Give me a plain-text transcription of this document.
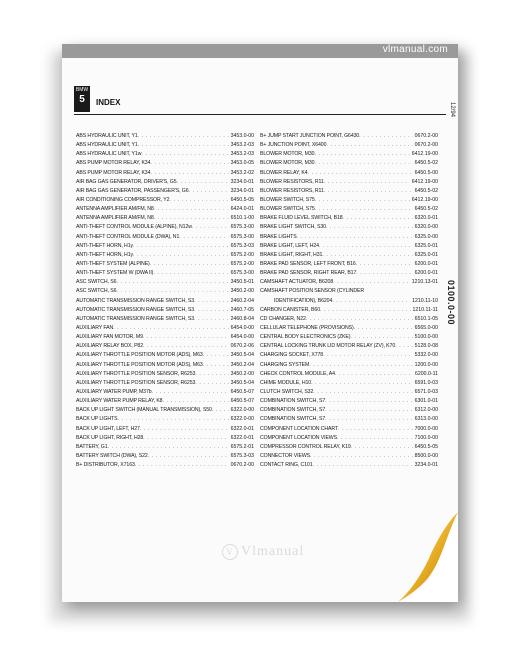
BMW
5	INDEX	12/94
0100.0-00
ABS HYDRAULIC UNIT, Y1 . . .	3453.0-00
ABS HYDRAULIC UNIT, Y1 . . .	3453.2-03
ABS HYDRAULIC UNIT, Y1w . . .	3453.2-03
ABS PUMP MOTOR RELAY, K34 . . .	3453.0-05
ABS PUMP MOTOR RELAY, K34 . . .	3453.2-02
AIR BAG GAS GENERATOR, DRIVER'S, G5 . . .	3234.0-01
AIR BAG GAS GENERATOR, PASSENGER'S, G6 . . .	3234.0-01
AIR CONDITIONING COMPRESSOR, Y2 . . .	6450.5-05
ANTENNA AMPLIFIER AM/FM, N8 . . .	6424.0-01
ANTENNA AMPLIFIER AM/FM, N8 . . .	6510.1-00
ANTI-THEFT CONTROL MODULE (ALPINE), N12w . . .	6575.3-00
ANTI-THEFT CONTROL MODULE (DWA), N1 . . .	6575.3-00
ANTI-THEFT HORN, H1y . . .	6575.3-03
ANTI-THEFT HORN, H1y . . .	6575.2-00
ANTI-THEFT SYSTEM (ALPINE) . . .	6575.2-00
ANTI-THEFT SYSTEM W (DWA II) . . .	6575.3-00
ASC SWITCH, S6 . . .	3450.5-01
ASC SWITCH, S6 . . .	3450.2-00
AUTOMATIC TRANSMISSION RANGE SWITCH, S3 . . .	2460.2-04
AUTOMATIC TRANSMISSION RANGE SWITCH, S3 . . .	2460.7-05
AUTOMATIC TRANSMISSION RANGE SWITCH, S3 . . .	2460.8-04
AUXILIARY FAN . . .	6454.0-00
AUXILIARY FAN MOTOR, M9 . . .	6454.0-00
AUXILIARY RELAY BOX, P82 . . .	0670.2-06
AUXILIARY THROTTLE POSITION MOTOR (ADS), M63 . . .	3450.5-04
AUXILIARY THROTTLE POSITION MOTOR (ADS), M63 . . .	3450.2-04
AUXILIARY THROTTLE POSITION SENSOR, R6253 . . .	3450.2-00
AUXILIARY THROTTLE POSITION SENSOR, R6253 . . .	3450.5-04
AUXILIARY WATER PUMP, M37b . . .	6450.5-07
AUXILIARY WATER PUMP RELAY, K8 . . .	6450.5-07
BACK UP LIGHT SWITCH (MANUAL TRANSMISSION), S50 . . .	6322.0-00
BACK UP LIGHTS . . .	6322.0-00
BACK UP LIGHT, LEFT, H27 . . .	6322.0-01
BACK UP LIGHT, RIGHT, H28 . . .	6322.0-01
BATTERY, G1 . . .	6575.2-01
BATTERY SWITCH (DWA), S22 . . .	6575.3-03
B+ DISTRIBUTOR, X7163 . . .	0670.2-00
B+ JUMP START JUNCTION POINT, G6430 . . .	0670.2-00
B+ JUNCTION POINT, X6400 . . .	0670.2-00
BLOWER MOTOR, M30 . . .	6412.19-00
BLOWER MOTOR, M30 . . .	6450.5-02
BLOWER RELAY, K4 . . .	6450.5-00
BLOWER RESISTORS, R11 . . .	6412.19-00
BLOWER RESISTORS, R11 . . .	6450.5-02
BLOWER SWITCH, S75 . . .	6412.19-00
BLOWER SWITCH, S75 . . .	6450.5-02
BRAKE FLUID LEVEL SWITCH, B18 . . .	6320.0-01
BRAKE LIGHT SWITCH, S30 . . .	6320.0-00
BRAKE LIGHTS . . .	6325.0-00
BRAKE LIGHT, LEFT, H24 . . .	6325.0-01
BRAKE LIGHT, RIGHT, H31 . . .	6325.0-01
BRAKE PAD SENSOR, LEFT FRONT, B16 . . .	6200.0-01
BRAKE PAD SENSOR, RIGHT REAR, B17 . . .	6200.0-01
CAMSHAFT ACTUATOR, B6208 . . .	1210.13-01
CAMSHAFT POSITION SENSOR (CYLINDER
IDENTIFICATION), B6204 . . .	1210.11-10
CARBON CANISTER, B60 . . .	1210.11-11
CD CHANGER, N22 . . .	6510.1-05
CELLULAR TELEPHONE (PROVISIONS) . . .	6565.0-00
CENTRAL BODY ELECTRONICS (ZKE) . . .	5100.0-00
CENTRAL LOCKING TRUNK LID MOTOR RELAY (ZV), K70 . . .	5128.0-08
CHARGING SOCKET, X778 . . .	5332.0-00
CHARGING SYSTEM . . .	1200.0-00
CHECK CONTROL MODULE, A4 . . .	6200.0-11
CHIME MODULE, H10 . . .	6591.0-03
CLUTCH SWITCH, S32 . . .	6571.0-03
COMBINATION SWITCH, S7 . . .	6301.0-01
COMBINATION SWITCH, S7 . . .	6312.0-00
COMBINATION SWITCH, S7 . . .	6313.0-00
COMPONENT LOCATION CHART . . .	7000.0-00
COMPONENT LOCATION VIEWS . . .	7100.0-00
COMPRESSOR CONTROL RELAY, K19 . . .	6450.5-05
CONNECTOR VIEWS . . .	8500.0-00
CONTACT RING, C101 . . .	3234.0-01
V Vlmanual
vlmanual.com
